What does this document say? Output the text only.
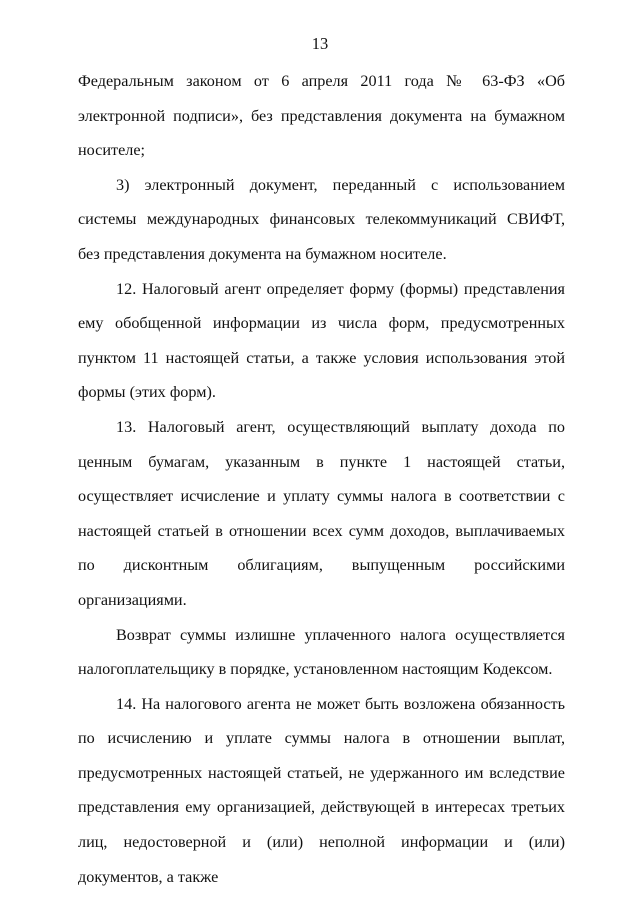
13

Федеральным законом от 6 апреля 2011 года № 63-ФЗ «Об электронной подписи», без представления документа на бумажном носителе;

3) электронный документ, переданный с использованием системы международных финансовых телекоммуникаций СВИФТ, без представления документа на бумажном носителе.

12. Налоговый агент определяет форму (формы) представления ему обобщенной информации из числа форм, предусмотренных пунктом 11 настоящей статьи, а также условия использования этой формы (этих форм).

13. Налоговый агент, осуществляющий выплату дохода по ценным бумагам, указанным в пункте 1 настоящей статьи, осуществляет исчисление и уплату суммы налога в соответствии с настоящей статьей в отношении всех сумм доходов, выплачиваемых по дисконтным облигациям, выпущенным российскими организациями.

Возврат суммы излишне уплаченного налога осуществляется налогоплательщику в порядке, установленном настоящим Кодексом.

14. На налогового агента не может быть возложена обязанность по исчислению и уплате суммы налога в отношении выплат, предусмотренных настоящей статьей, не удержанного им вследствие представления ему организацией, действующей в интересах третьих лиц, недостоверной и (или) неполной информации и (или) документов, а также
